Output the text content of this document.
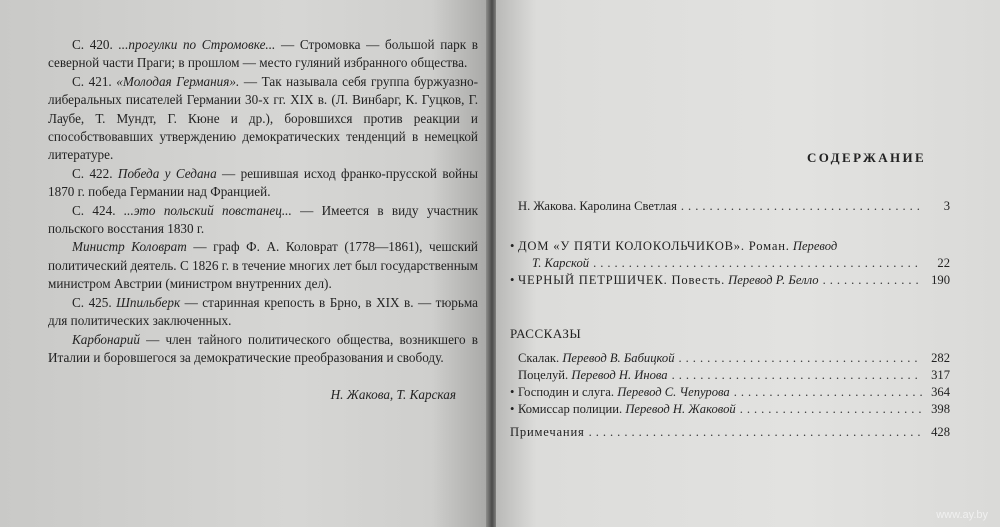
С. 420. ...прогулки по Стромовке... — Стромовка — большой парк в северной части Праги; в прошлом — место гуляний избранного общества.

С. 421. «Молодая Германия». — Так называла себя группа буржуазно-либеральных писателей Германии 30-х гг. XIX в. (Л. Винбарг, К. Гуцков, Г. Лаубе, Т. Мундт, Г. Кюне и др.), боровшихся против реакции и способствовавших утверждению демократических тенденций в немецкой литературе.

С. 422. Победа у Седана — решившая исход франко-прусской войны 1870 г. победа Германии над Францией.

С. 424. ...это польский повстанец... — Имеется в виду участник польского восстания 1830 г.

Министр Коловрат — граф Ф. А. Коловрат (1778—1861), чешский политический деятель. С 1826 г. в течение многих лет был государственным министром Австрии (министром внутренних дел).

С. 425. Шпильберк — старинная крепость в Брно, в XIX в. — тюрьма для политических заключенных.

Карбонарий — член тайного политического общества, возникшего в Италии и боровшегося за демократические преобразования и свободу.

Н. Жакова, Т. Карская
СОДЕРЖАНИЕ
Н. Жакова.
Каролина Светлая .....	3
• ДОМ «У ПЯТИ КОЛОКОЛЬЧИКОВ». Роман.
Перевод
Т. Карской .....	22
• ЧЕРНЫЙ ПЕТРШИЧЕК. Повесть.
Перевод Р. Белло .....	190
РАССКАЗЫ
Скалак.
Перевод В. Бабицкой .....	282
Поцелуй.
Перевод Н. Инова .....	317
• Господин и слуга.
Перевод С. Чепурова .....	364
• Комиссар полиции.
Перевод Н. Жаковой .....	398
Примечания .....	428
www.ay.by
